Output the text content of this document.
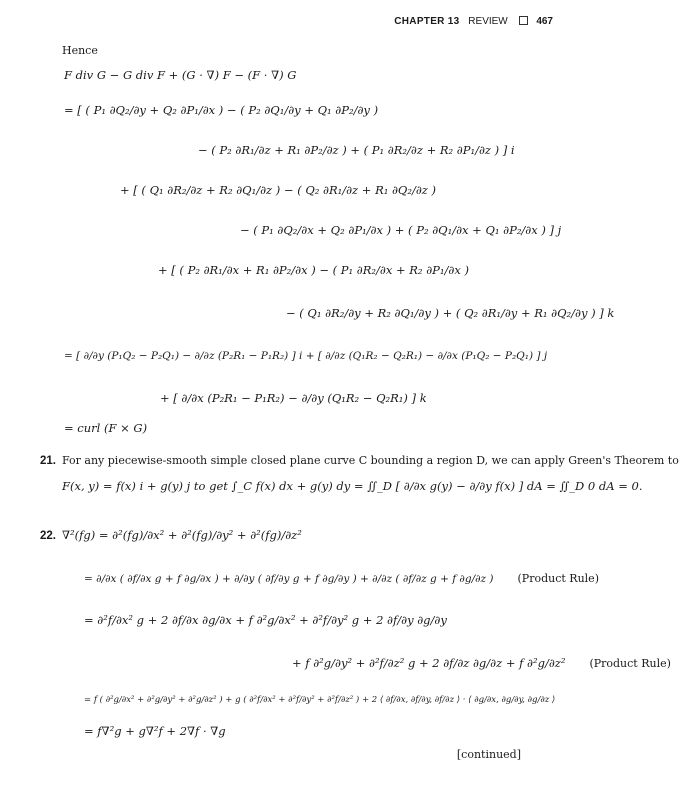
CHAPTER 13 REVIEW	467
Hence
F div G − G div F + (G · ∇) F − (F · ∇) G
= [ ( P₁ ∂Q₂/∂y + Q₂ ∂P₁/∂x ) − ( P₂ ∂Q₁/∂y + Q₁ ∂P₂/∂y )
− ( P₂ ∂R₁/∂z + R₁ ∂P₂/∂z ) + ( P₁ ∂R₂/∂z + R₂ ∂P₁/∂z ) ] i
+ [ ( Q₁ ∂R₂/∂z + R₂ ∂Q₁/∂z ) − ( Q₂ ∂R₁/∂z + R₁ ∂Q₂/∂z )
− ( P₁ ∂Q₂/∂x + Q₂ ∂P₁/∂x ) + ( P₂ ∂Q₁/∂x + Q₁ ∂P₂/∂x ) ] j
+ [ ( P₂ ∂R₁/∂x + R₁ ∂P₂/∂x ) − ( P₁ ∂R₂/∂x + R₂ ∂P₁/∂x )
− ( Q₁ ∂R₂/∂y + R₂ ∂Q₁/∂y ) + ( Q₂ ∂R₁/∂y + R₁ ∂Q₂/∂y ) ] k
= [ ∂/∂y (P₁Q₂ − P₂Q₁) − ∂/∂z (P₂R₁ − P₁R₂) ] i + [ ∂/∂z (Q₁R₂ − Q₂R₁) − ∂/∂x (P₁Q₂ − P₂Q₁) ] j
+ [ ∂/∂x (P₂R₁ − P₁R₂) − ∂/∂y (Q₁R₂ − Q₂R₁) ] k
= curl (F × G)
21. For any piecewise-smooth simple closed plane curve C bounding a region D, we can apply Green's Theorem to
F(x, y) = f(x) i + g(y) j to get ∫_C f(x) dx + g(y) dy = ∬_D [ ∂/∂x g(y) − ∂/∂y f(x) ] dA = ∬_D 0 dA = 0.
22. ∇²(fg) = ∂²(fg)/∂x² + ∂²(fg)/∂y² + ∂²(fg)/∂z²
= ∂/∂x ( ∂f/∂x g + f ∂g/∂x ) + ∂/∂y ( ∂f/∂y g + f ∂g/∂y ) + ∂/∂z ( ∂f/∂z g + f ∂g/∂z ) (Product Rule)
= ∂²f/∂x² g + 2 ∂f/∂x ∂g/∂x + f ∂²g/∂x² + ∂²f/∂y² g + 2 ∂f/∂y ∂g/∂y
+ f ∂²g/∂y² + ∂²f/∂z² g + 2 ∂f/∂z ∂g/∂z + f ∂²g/∂z² (Product Rule)
= f ( ∂²g/∂x² + ∂²g/∂y² + ∂²g/∂z² ) + g ( ∂²f/∂x² + ∂²f/∂y² + ∂²f/∂z² ) + 2 ⟨ ∂f/∂x, ∂f/∂y, ∂f/∂z ⟩ · ⟨ ∂g/∂x, ∂g/∂y, ∂g/∂z ⟩
= f∇²g + g∇²f + 2∇f · ∇g
[continued]
